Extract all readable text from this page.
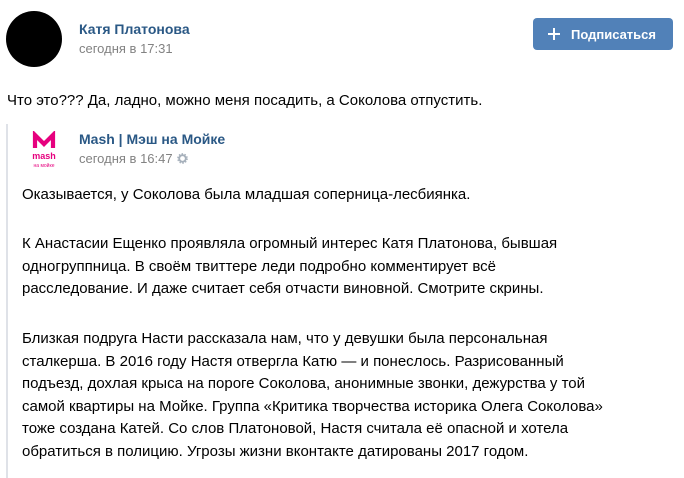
Катя Платонова
сегодня в 17:31
Подписаться
Что это??? Да, ладно, можно меня посадить, а Соколова отпустить.
mash
на мойке
Mash | Мэш на Мойке
сегодня в 16:47

Оказывается, у Соколова была младшая соперница-лесбиянка.

К Анастасии Ещенко проявляла огромный интерес Катя Платонова, бывшая
одногруппница. В своём твиттере леди подробно комментирует всё
расследование. И даже считает себя отчасти виновной. Смотрите скрины.

Близкая подруга Насти рассказала нам, что у девушки была персональная
сталкерша. В 2016 году Настя отвергла Катю — и понеслось. Разрисованный
подъезд, дохлая крыса на пороге Соколова, анонимные звонки, дежурства у той
самой квартиры на Мойке. Группа «Критика творчества историка Олега Соколова»
тоже создана Катей. Со слов Платоновой, Настя считала её опасной и хотела
обратиться в полицию. Угрозы жизни вконтакте датированы 2017 годом.
